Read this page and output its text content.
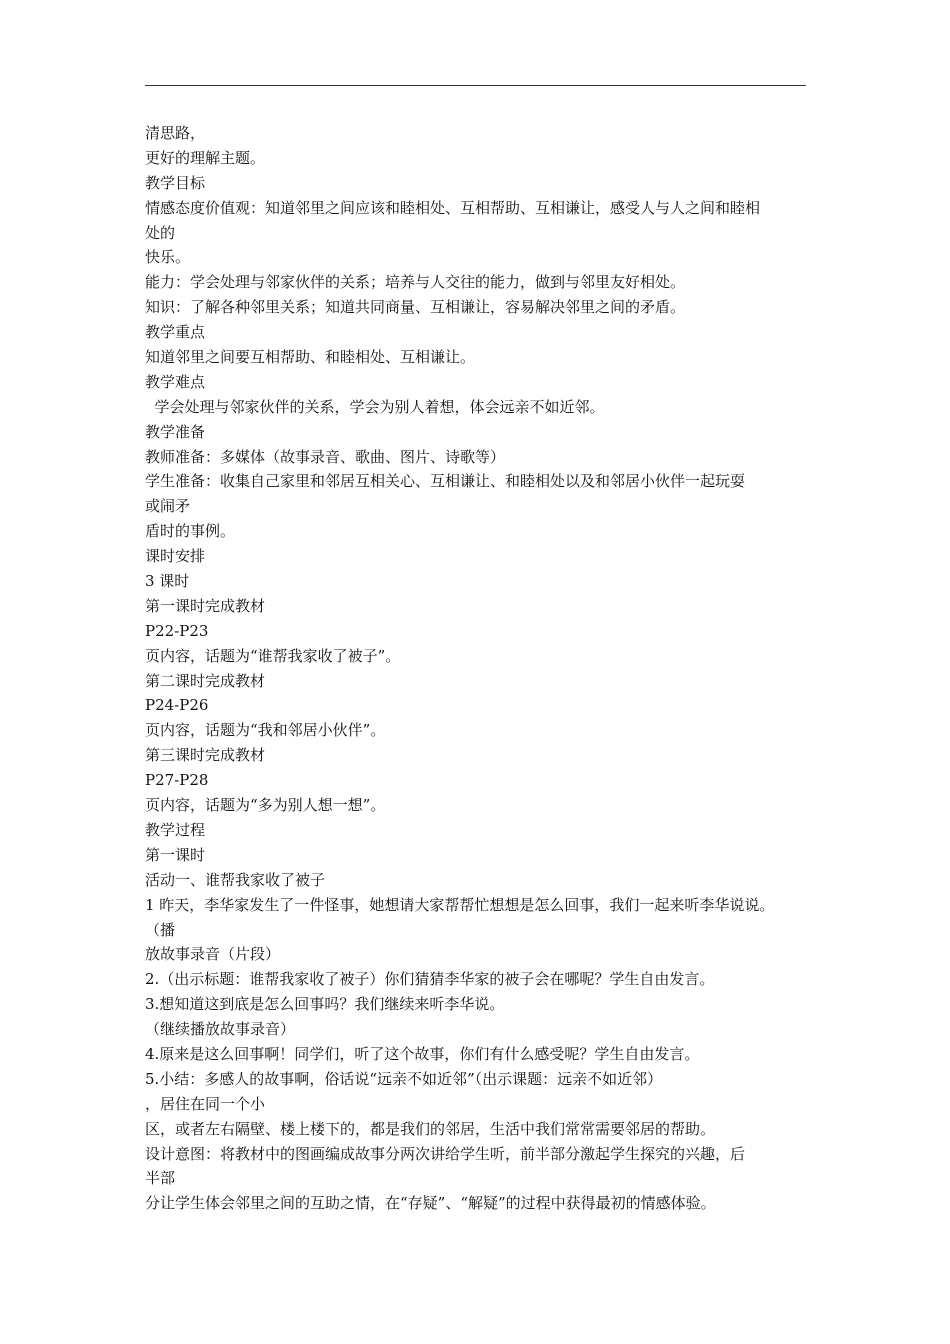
清思路，

更好的理解主题。

教学目标

情感态度价值观：知道邻里之间应该和睦相处、互相帮助、互相谦让，感受人与人之间和睦相

处的

快乐。

能力：学会处理与邻家伙伴的关系；培养与人交往的能力，做到与邻里友好相处。

知识：了解各种邻里关系；知道共同商量、互相谦让，容易解决邻里之间的矛盾。

教学重点

知道邻里之间要互相帮助、和睦相处、互相谦让。

教学难点

学会处理与邻家伙伴的关系，学会为别人着想，体会远亲不如近邻。

教学准备

教师准备：多媒体（故事录音、歌曲、图片、诗歌等）

学生准备：收集自己家里和邻居互相关心、互相谦让、和睦相处以及和邻居小伙伴一起玩耍

或闹矛

盾时的事例。

课时安排

3 课时

第一课时完成教材

P22-P23

页内容，话题为“谁帮我家收了被子”。

第二课时完成教材

P24-P26

页内容，话题为“我和邻居小伙伴”。

第三课时完成教材

P27-P28

页内容，话题为“多为别人想一想”。

教学过程

第一课时

活动一、谁帮我家收了被子

1 昨天，李华家发生了一件怪事，她想请大家帮帮忙想想是怎么回事，我们一起来听李华说说。

（播

放故事录音（片段）

2.（出示标题：谁帮我家收了被子）你们猜猜李华家的被子会在哪呢？学生自由发言。

3.想知道这到底是怎么回事吗？我们继续来听李华说。

（继续播放故事录音）

4.原来是这么回事啊！同学们，听了这个故事，你们有什么感受呢？学生自由发言。

5.小结：多感人的故事啊，俗话说“远亲不如近邻”（出示课题：远亲不如近邻）

，居住在同一个小

区，或者左右隔壁、楼上楼下的，都是我们的邻居，生活中我们常常需要邻居的帮助。

设计意图：将教材中的图画编成故事分两次讲给学生听，前半部分激起学生探究的兴趣，后

半部

分让学生体会邻里之间的互助之情，在“存疑”、“解疑”的过程中获得最初的情感体验。
